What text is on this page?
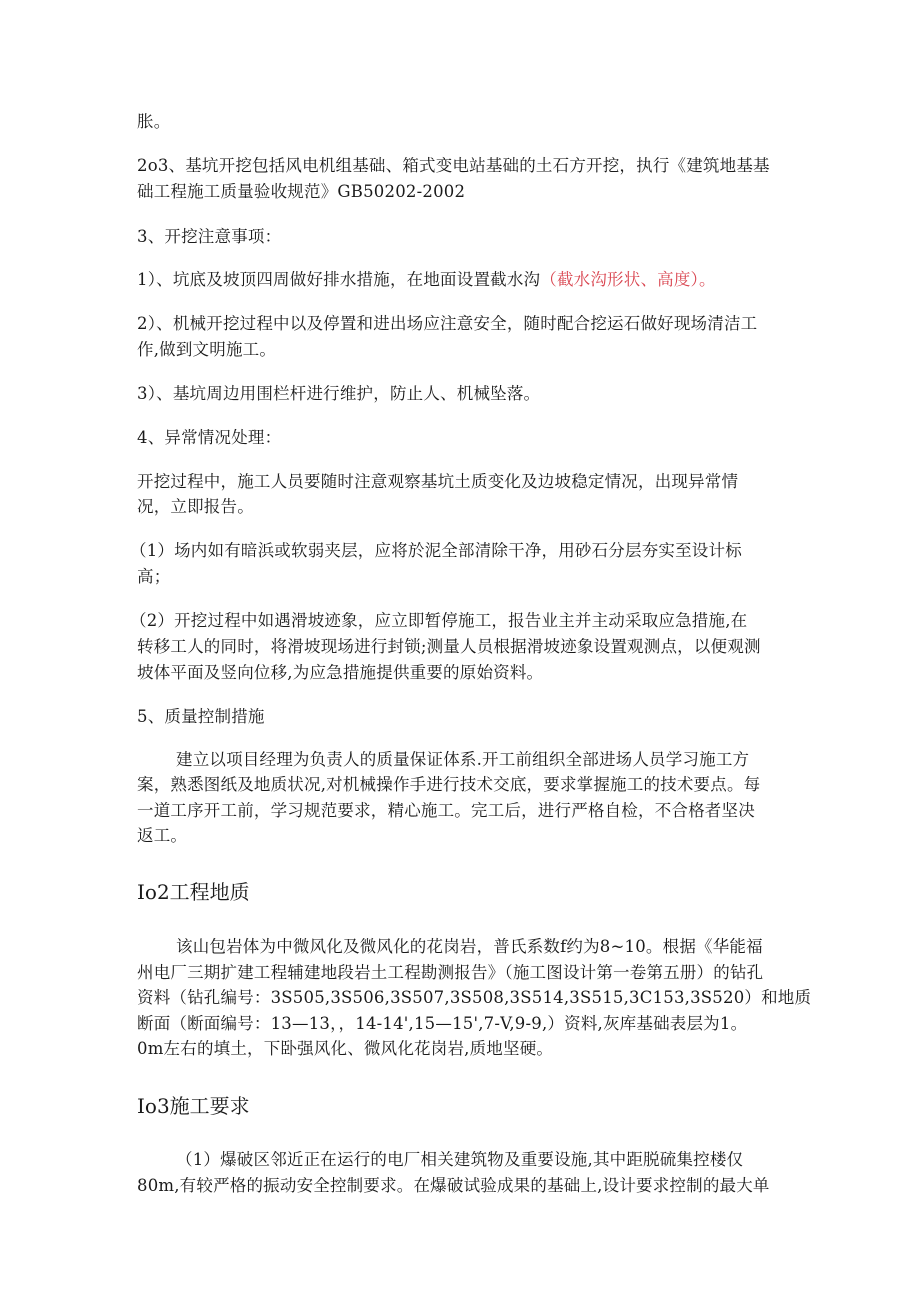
胀。
2o3、基坑开挖包括风电机组基础、箱式变电站基础的土石方开挖，执行《建筑地基基
础工程施工质量验收规范》GB50202-2002
3、开挖注意事项：
1）、坑底及坡顶四周做好排水措施，在地面设置截水沟（截水沟形状、高度）。
2）、机械开挖过程中以及停置和进出场应注意安全，随时配合挖运石做好现场清洁工
作,做到文明施工。
3）、基坑周边用围栏杆进行维护，防止人、机械坠落。
4、异常情况处理：
开挖过程中，施工人员要随时注意观察基坑土质变化及边坡稳定情况，出现异常情
况，立即报告。
（1）场内如有暗浜或软弱夹层，应将於泥全部清除干净，用砂石分层夯实至设计标
高；
（2）开挖过程中如遇滑坡迹象，应立即暂停施工，报告业主并主动采取应急措施,在
转移工人的同时，将滑坡现场进行封锁;测量人员根据滑坡迹象设置观测点，以便观测
坡体平面及竖向位移,为应急措施提供重要的原始资料。
5、质量控制措施
建立以项目经理为负责人的质量保证体系.开工前组织全部进场人员学习施工方
案，熟悉图纸及地质状况,对机械操作手进行技术交底，要求掌握施工的技术要点。每
一道工序开工前，学习规范要求，精心施工。完工后，进行严格自检，不合格者坚决
返工。
Io2工程地质
该山包岩体为中微风化及微风化的花岗岩，普氏系数f约为8~10。根据《华能福
州电厂三期扩建工程辅建地段岩土工程勘测报告》（施工图设计第一卷第五册）的钻孔
资料（钻孔编号：3S505,3S506,3S507,3S508,3S514,3S515,3C153,3S520）和地质
断面（断面编号：13—13，，14-14',15—15',7-V,9-9,）资料,灰库基础表层为1。
0m左右的填土，下卧强风化、微风化花岗岩,质地坚硬。
Io3施工要求
（1）爆破区邻近正在运行的电厂相关建筑物及重要设施,其中距脱硫集控楼仅
80m,有较严格的振动安全控制要求。在爆破试验成果的基础上,设计要求控制的最大单
